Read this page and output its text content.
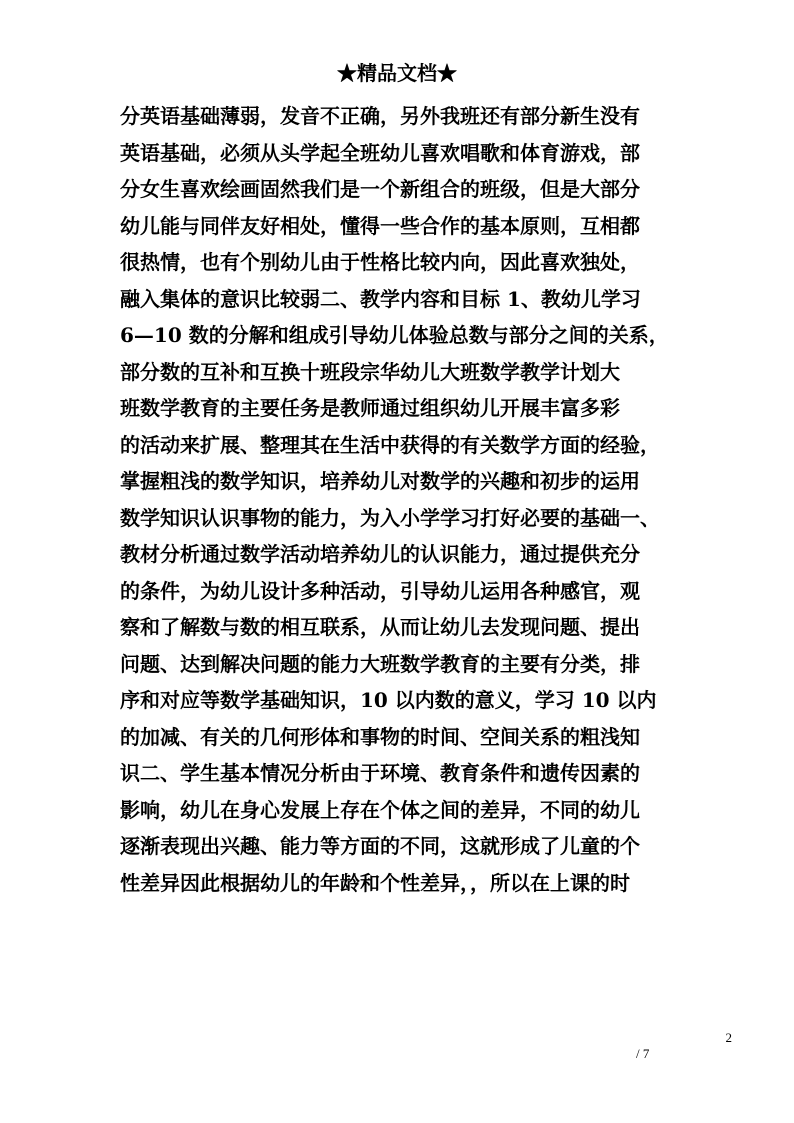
★精品文档★
分英语基础薄弱，发音不正确，另外我班还有部分新生没有
英语基础，必须从头学起全班幼儿喜欢唱歌和体育游戏，部
分女生喜欢绘画固然我们是一个新组合的班级，但是大部分
幼儿能与同伴友好相处，懂得一些合作的基本原则，互相都
很热情，也有个别幼儿由于性格比较内向，因此喜欢独处，
融入集体的意识比较弱二、教学内容和目标 1、教幼儿学习
6—10 数的分解和组成引导幼儿体验总数与部分之间的关系，
部分数的互补和互换十班段宗华幼儿大班数学教学计划大
班数学教育的主要任务是教师通过组织幼儿开展丰富多彩
的活动来扩展、整理其在生活中获得的有关数学方面的经验，
掌握粗浅的数学知识，培养幼儿对数学的兴趣和初步的运用
数学知识认识事物的能力，为入小学学习打好必要的基础一、
教材分析通过数学活动培养幼儿的认识能力，通过提供充分
的条件，为幼儿设计多种活动，引导幼儿运用各种感官，观
察和了解数与数的相互联系，从而让幼儿去发现问题、提出
问题、达到解决问题的能力大班数学教育的主要有分类，排
序和对应等数学基础知识，10 以内数的意义，学习 10 以内
的加减、有关的几何形体和事物的时间、空间关系的粗浅知
识二、学生基本情况分析由于环境、教育条件和遗传因素的
影响，幼儿在身心发展上存在个体之间的差异，不同的幼儿
逐渐表现出兴趣、能力等方面的不同，这就形成了儿童的个
性差异因此根据幼儿的年龄和个性差异，，所以在上课的时
2
/ 7
